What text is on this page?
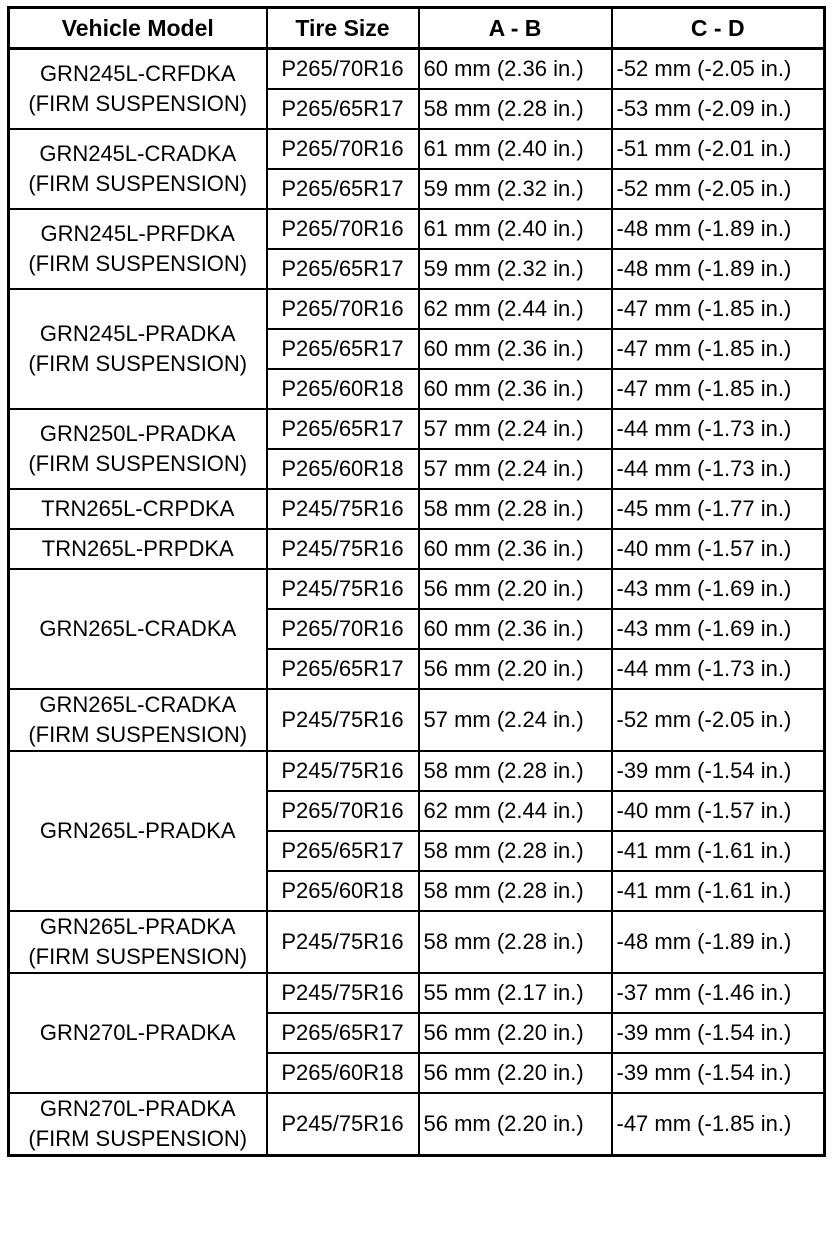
Vehicle Model	Tire Size	A - B	C - D

GRN245L-CRFDKA
(FIRM SUSPENSION)	P265/70R16	60 mm (2.36 in.)	-52 mm (-2.05 in.)
	P265/65R17	58 mm (2.28 in.)	-53 mm (-2.09 in.)

GRN245L-CRADKA
(FIRM SUSPENSION)	P265/70R16	61 mm (2.40 in.)	-51 mm (-2.01 in.)
	P265/65R17	59 mm (2.32 in.)	-52 mm (-2.05 in.)

GRN245L-PRFDKA
(FIRM SUSPENSION)	P265/70R16	61 mm (2.40 in.)	-48 mm (-1.89 in.)
	P265/65R17	59 mm (2.32 in.)	-48 mm (-1.89 in.)

GRN245L-PRADKA
(FIRM SUSPENSION)	P265/70R16	62 mm (2.44 in.)	-47 mm (-1.85 in.)
	P265/65R17	60 mm (2.36 in.)	-47 mm (-1.85 in.)
	P265/60R18	60 mm (2.36 in.)	-47 mm (-1.85 in.)

GRN250L-PRADKA
(FIRM SUSPENSION)	P265/65R17	57 mm (2.24 in.)	-44 mm (-1.73 in.)
	P265/60R18	57 mm (2.24 in.)	-44 mm (-1.73 in.)

TRN265L-CRPDKA	P245/75R16	58 mm (2.28 in.)	-45 mm (-1.77 in.)

TRN265L-PRPDKA	P245/75R16	60 mm (2.36 in.)	-40 mm (-1.57 in.)

GRN265L-CRADKA	P245/75R16	56 mm (2.20 in.)	-43 mm (-1.69 in.)
	P265/70R16	60 mm (2.36 in.)	-43 mm (-1.69 in.)
	P265/65R17	56 mm (2.20 in.)	-44 mm (-1.73 in.)

GRN265L-CRADKA
(FIRM SUSPENSION)	P245/75R16	57 mm (2.24 in.)	-52 mm (-2.05 in.)

GRN265L-PRADKA	P245/75R16	58 mm (2.28 in.)	-39 mm (-1.54 in.)
	P265/70R16	62 mm (2.44 in.)	-40 mm (-1.57 in.)
	P265/65R17	58 mm (2.28 in.)	-41 mm (-1.61 in.)
	P265/60R18	58 mm (2.28 in.)	-41 mm (-1.61 in.)

GRN265L-PRADKA
(FIRM SUSPENSION)	P245/75R16	58 mm (2.28 in.)	-48 mm (-1.89 in.)

GRN270L-PRADKA	P245/75R16	55 mm (2.17 in.)	-37 mm (-1.46 in.)
	P265/65R17	56 mm (2.20 in.)	-39 mm (-1.54 in.)
	P265/60R18	56 mm (2.20 in.)	-39 mm (-1.54 in.)

GRN270L-PRADKA
(FIRM SUSPENSION)	P245/75R16	56 mm (2.20 in.)	-47 mm (-1.85 in.)
